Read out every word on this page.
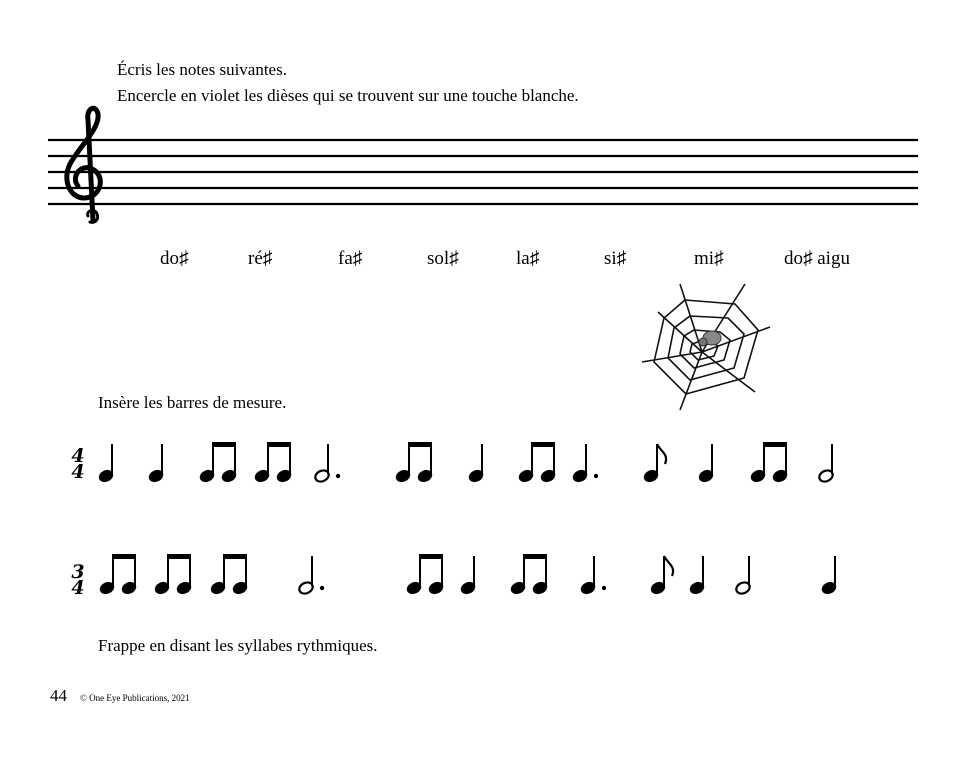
Écris les notes suivantes.
Encercle en violet les dièses qui se trouvent sur une touche blanche.
do♯	ré♯	fa♯	sol♯	la♯	si♯	mi♯	do♯ aigu
Insère les barres de mesure.
4
4
3
4
Frappe en disant les syllabes rythmiques.
44 © One Eye Publications, 2021
